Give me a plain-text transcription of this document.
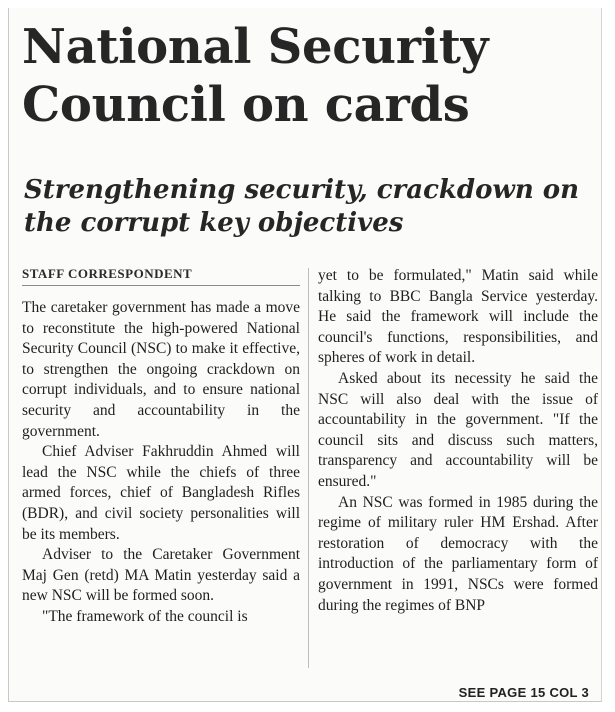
National Security Council on cards
Strengthening security, crackdown on the corrupt key objectives
STAFF CORRESPONDENT

The caretaker government has made a move to reconstitute the high-powered National Security Council (NSC) to make it effective, to strengthen the ongoing crackdown on corrupt individuals, and to ensure national security and accountability in the government.

Chief Adviser Fakhruddin Ahmed will lead the NSC while the chiefs of three armed forces, chief of Bangladesh Rifles (BDR), and civil society personalities will be its members.

Adviser to the Caretaker Government Maj Gen (retd) MA Matin yesterday said a new NSC will be formed soon.

"The framework of the council is

yet to be formulated," Matin said while talking to BBC Bangla Service yesterday. He said the framework will include the council's functions, responsibilities, and spheres of work in detail.

Asked about its necessity he said the NSC will also deal with the issue of accountability in the government. "If the council sits and discuss such matters, transparency and accountability will be ensured."

An NSC was formed in 1985 during the regime of military ruler HM Ershad. After restoration of democracy with the introduction of the parliamentary form of government in 1991, NSCs were formed during the regimes of BNP

SEE PAGE 15 COL 3
